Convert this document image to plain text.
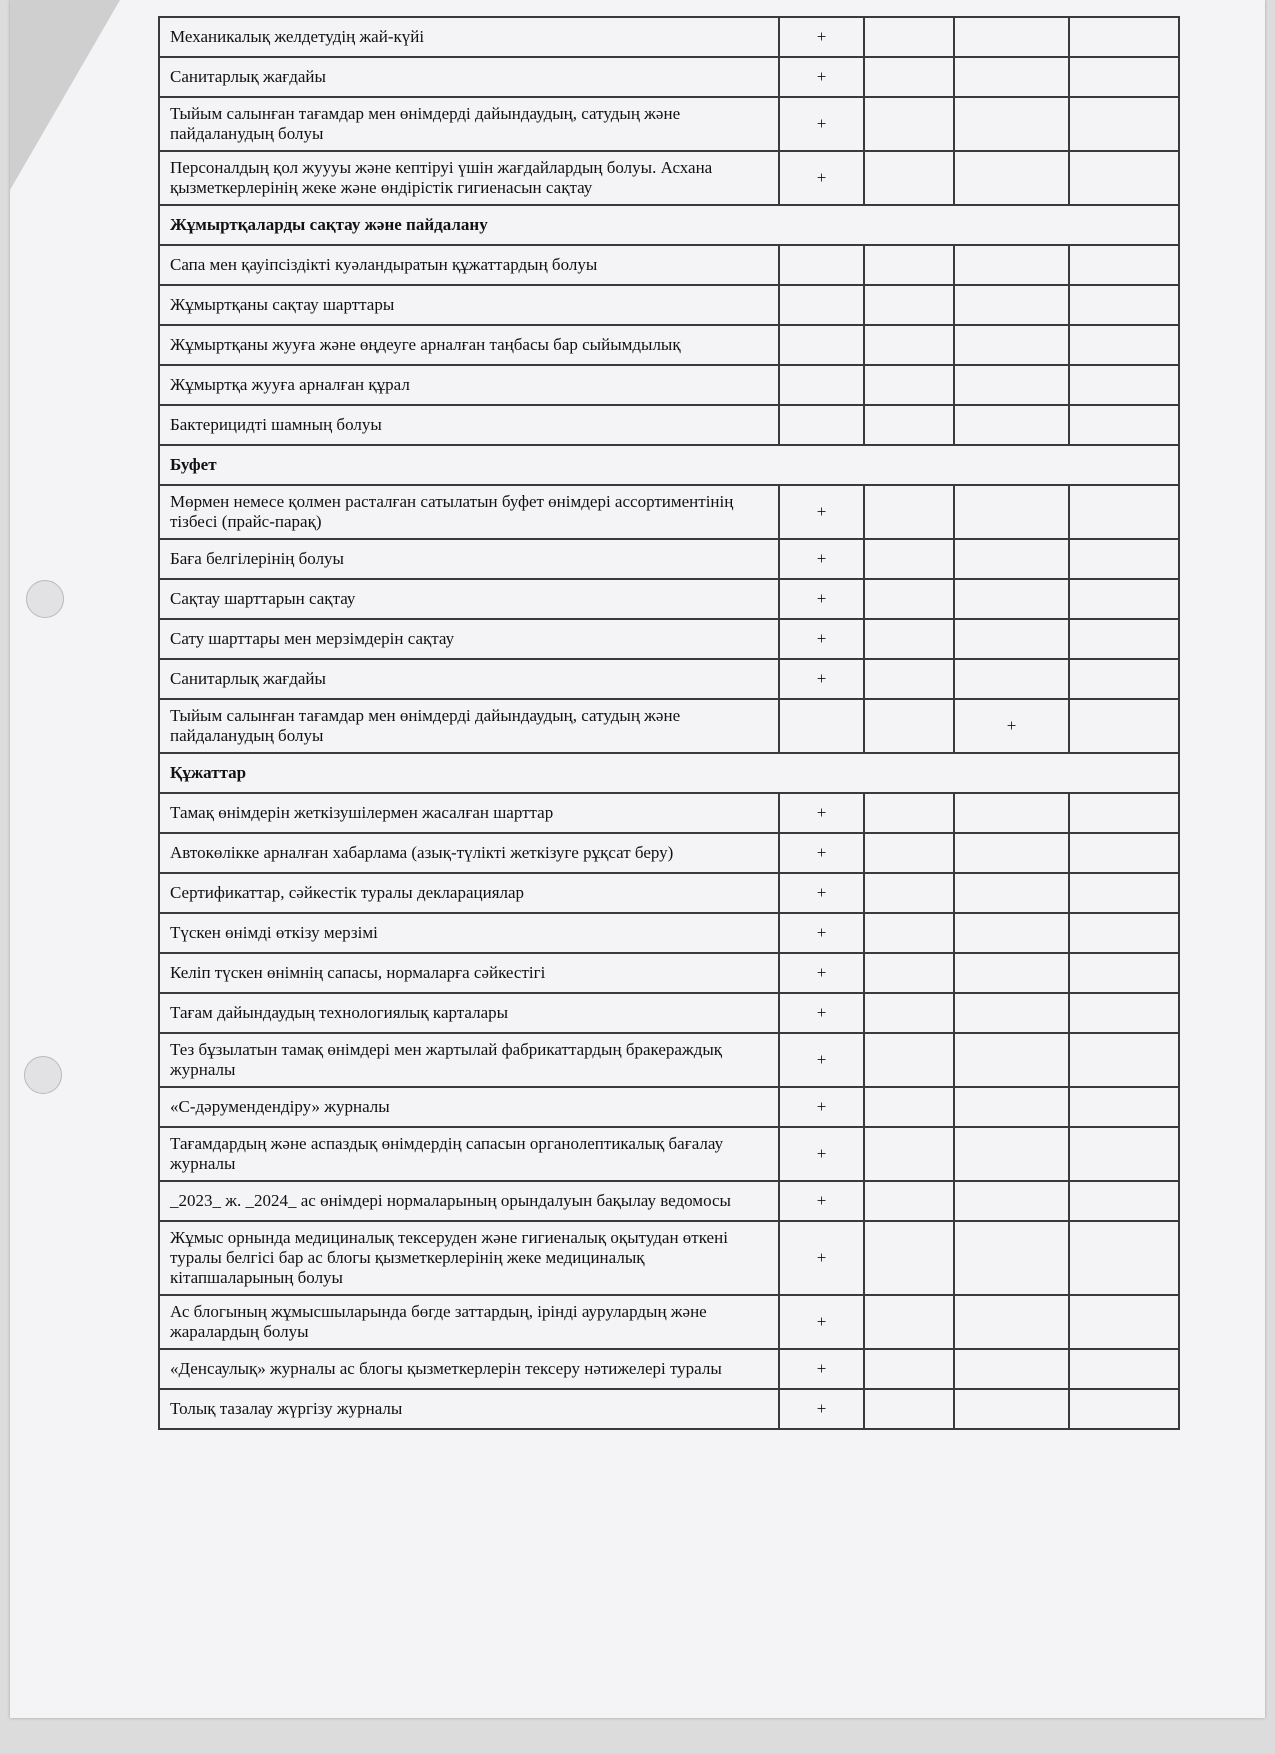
Механикалық желдетудің жай-күйі	+			
Санитарлық жағдайы	+			
Тыйым салынған тағамдар мен өнімдерді дайындаудың, сатудың және пайдаланудың болуы	+			
Персоналдың қол жуууы және кептіруі үшін жағдайлардың болуы. Асхана қызметкерлерінің жеке және өндірістік гигиенасын сақтау	+			
Жұмыртқаларды сақтау және пайдалану				
Сапа мен қауіпсіздікті куәландыратын құжаттардың болуы				
Жұмыртқаны сақтау шарттары				
Жұмыртқаны жууға және өңдеуге арналған таңбасы бар сыйымдылық				
Жұмыртқа жууға арналған құрал				
Бактерицидті шамның болуы				
Буфет				
Мөрмен немесе қолмен расталған сатылатын буфет өнімдері ассортиментінің тізбесі (прайс-парақ)	+			
Баға белгілерінің болуы	+			
Сақтау шарттарын сақтау	+			
Сату шарттары мен мерзімдерін сақтау	+			
Санитарлық жағдайы	+			
Тыйым салынған тағамдар мен өнімдерді дайындаудың, сатудың және пайдаланудың болуы			+	
Құжаттар				
Тамақ өнімдерін жеткізушілермен жасалған шарттар	+			
Автокөлікке арналған хабарлама (азық-түлікті жеткізуге рұқсат беру)	+			
Сертификаттар, сәйкестік туралы декларациялар	+			
Түскен өнімді өткізу мерзімі	+			
Келіп түскен өнімнің сапасы, нормаларға сәйкестігі	+			
Тағам дайындаудың технологиялық карталары	+			
Тез бұзылатын тамақ өнімдері мен жартылай фабрикаттардың бракераждық журналы	+			
«С-дәрумендендіру» журналы	+			
Тағамдардың және аспаздық өнімдердің сапасын органолептикалық бағалау журналы	+			
_2023_ ж. _2024_ ас өнімдері нормаларының орындалуын бақылау ведомосы	+			
Жұмыс орнында медициналық тексеруден және гигиеналық оқытудан өткені туралы белгісі бар ас блогы қызметкерлерінің жеке медициналық кітапшаларының болуы	+			
Ас блогының жұмысшыларында бөгде заттардың, ірінді аурулардың және жаралардың болуы	+			
«Денсаулық» журналы ас блогы қызметкерлерін тексеру нәтижелері туралы	+			
Толық тазалау жүргізу журналы	+			
